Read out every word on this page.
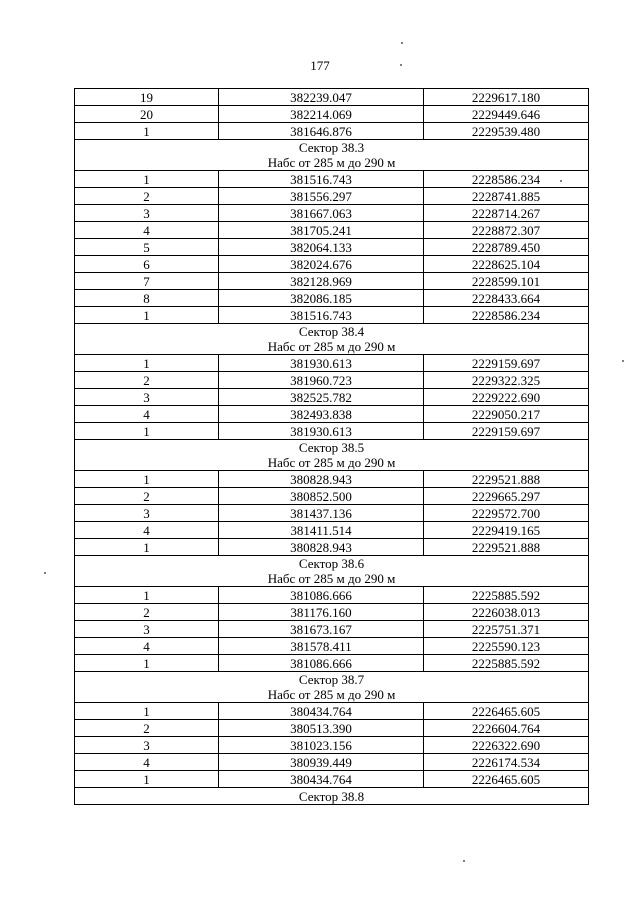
177
19	382239.047	2229617.180
20	382214.069	2229449.646
1	381646.876	2229539.480

Сектор 38.3
Набс от 285 м до 290 м		

1	381516.743	2228586.234
2	381556.297	2228741.885
3	381667.063	2228714.267
4	381705.241	2228872.307
5	382064.133	2228789.450
6	382024.676	2228625.104
7	382128.969	2228599.101
8	382086.185	2228433.664
1	381516.743	2228586.234

Сектор 38.4
Набс от 285 м до 290 м		

1	381930.613	2229159.697
2	381960.723	2229322.325
3	382525.782	2229222.690
4	382493.838	2229050.217
1	381930.613	2229159.697

Сектор 38.5
Набс от 285 м до 290 м		

1	380828.943	2229521.888
2	380852.500	2229665.297
3	381437.136	2229572.700
4	381411.514	2229419.165
1	380828.943	2229521.888

Сектор 38.6
Набс от 285 м до 290 м		

1	381086.666	2225885.592
2	381176.160	2226038.013
3	381673.167	2225751.371
4	381578.411	2225590.123
1	381086.666	2225885.592

Сектор 38.7
Набс от 285 м до 290 м		

1	380434.764	2226465.605
2	380513.390	2226604.764
3	381023.156	2226322.690
4	380939.449	2226174.534
1	380434.764	2226465.605

Сектор 38.8		
